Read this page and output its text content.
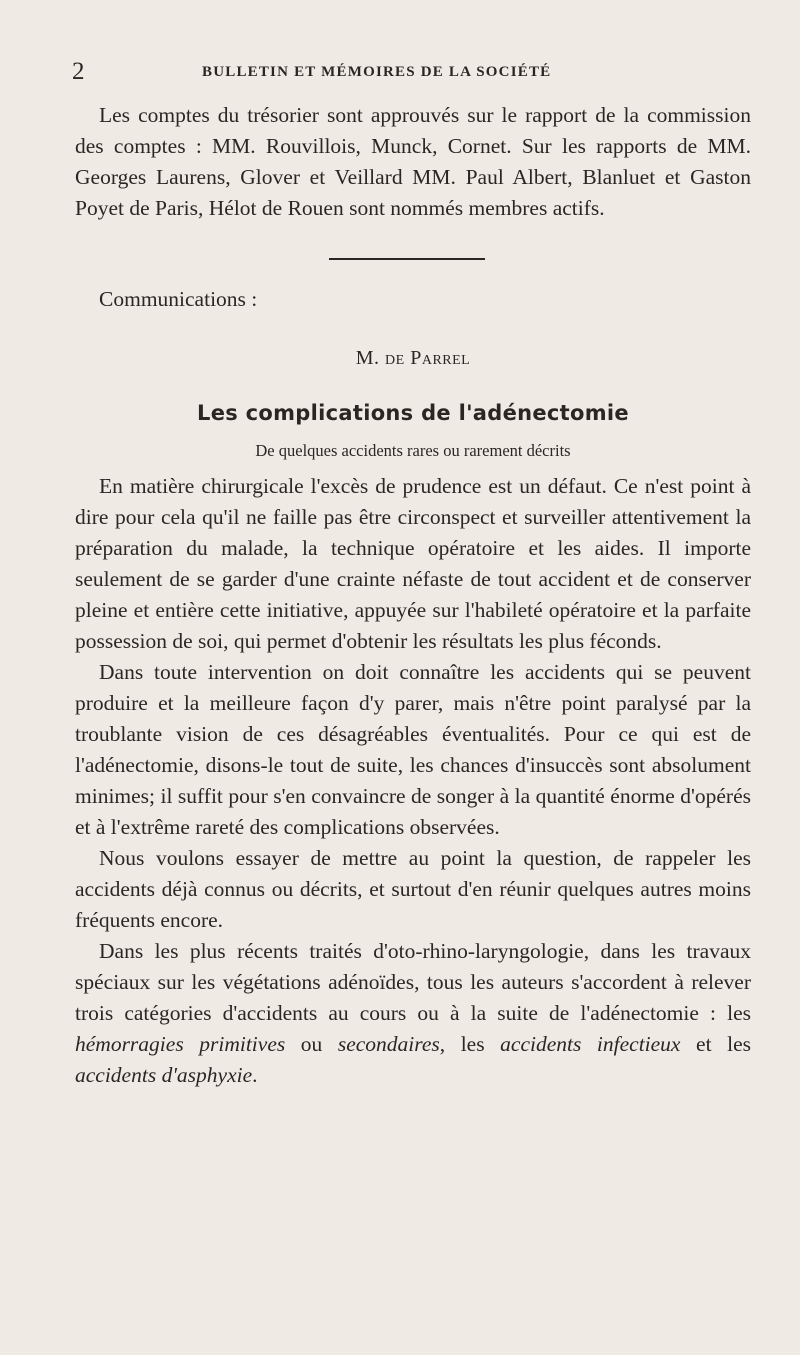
2	BULLETIN ET MÉMOIRES DE LA SOCIÉTÉ

Les comptes du trésorier sont approuvés sur le rapport de la commission des comptes : MM. Rouvillois, Munck, Cornet. Sur les rapports de MM. Georges Laurens, Glover et Veillard MM. Paul Albert, Blanluet et Gaston Poyet de Paris, Hélot de Rouen sont nommés membres actifs.

Communications :

M. de Parrel
Les complications de l'adénectomie
De quelques accidents rares ou rarement décrits

En matière chirurgicale l'excès de prudence est un défaut. Ce n'est point à dire pour cela qu'il ne faille pas être circonspect et surveiller attentivement la préparation du malade, la technique opératoire et les aides. Il importe seulement de se garder d'une crainte néfaste de tout accident et de conserver pleine et entière cette initiative, appuyée sur l'habileté opératoire et la parfaite possession de soi, qui permet d'obtenir les résultats les plus féconds.

Dans toute intervention on doit connaître les accidents qui se peuvent produire et la meilleure façon d'y parer, mais n'être point paralysé par la troublante vision de ces désagréables éventualités. Pour ce qui est de l'adénectomie, disons-le tout de suite, les chances d'insuccès sont absolument minimes; il suffit pour s'en convaincre de songer à la quantité énorme d'opérés et à l'extrême rareté des complications observées.

Nous voulons essayer de mettre au point la question, de rappeler les accidents déjà connus ou décrits, et surtout d'en réunir quelques autres moins fréquents encore.

Dans les plus récents traités d'oto-rhino-laryngologie, dans les travaux spéciaux sur les végétations adénoïdes, tous les auteurs s'accordent à relever trois catégories d'accidents au cours ou à la suite de l'adénectomie : les hémorragies primitives ou secondaires, les accidents infectieux et les accidents d'asphyxie.
